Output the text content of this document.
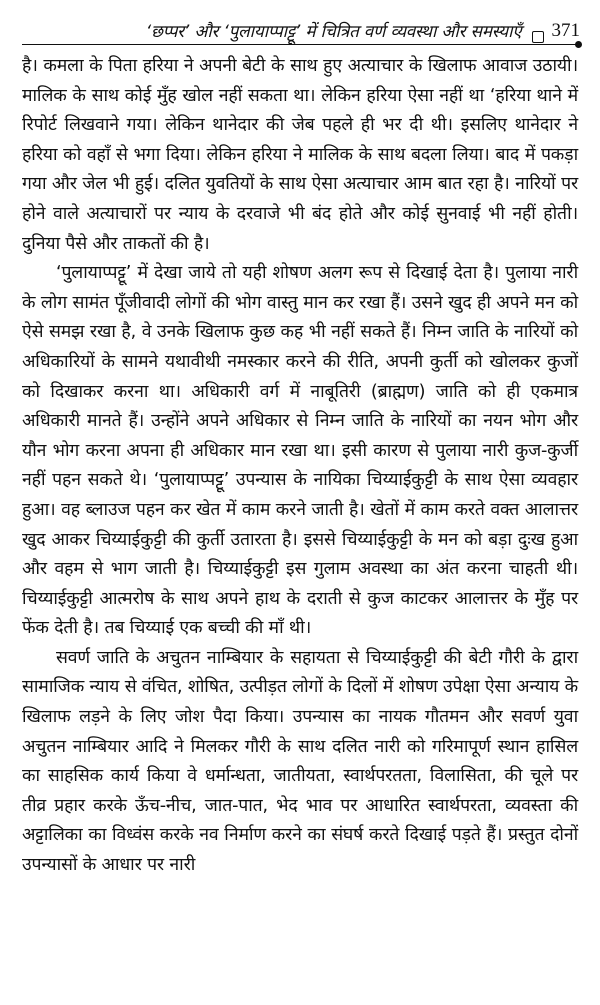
‘छप्पर’ और ‘पुलायाप्पाट्टू’ में चित्रित वर्ण व्यवस्था और समस्याएँ 371

है। कमला के पिता हरिया ने अपनी बेटी के साथ हुए अत्याचार के खिलाफ आवाज उठायी। मालिक के साथ कोई मुँह खोल नहीं सकता था। लेकिन हरिया ऐसा नहीं था ‘हरिया थाने में रिपोर्ट लिखवाने गया। लेकिन थानेदार की जेब पहले ही भर दी थी। इसलिए थानेदार ने हरिया को वहाँ से भगा दिया। लेकिन हरिया ने मालिक के साथ बदला लिया। बाद में पकड़ा गया और जेल भी हुई। दलित युवतियों के साथ ऐसा अत्याचार आम बात रहा है। नारियों पर होने वाले अत्याचारों पर न्याय के दरवाजे भी बंद होते और कोई सुनवाई भी नहीं होती। दुनिया पैसे और ताकतों की है।

‘पुलायाप्पट्टू’ में देखा जाये तो यही शोषण अलग रूप से दिखाई देता है। पुलाया नारी के लोग सामंत पूँजीवादी लोगों की भोग वास्तु मान कर रखा हैं। उसने खुद ही अपने मन को ऐसे समझ रखा है, वे उनके खिलाफ कुछ कह भी नहीं सकते हैं। निम्न जाति के नारियों को अधिकारियों के सामने यथावीथी नमस्कार करने की रीति, अपनी कुर्ती को खोलकर कुजों को दिखाकर करना था। अधिकारी वर्ग में नाबूतिरी (ब्राह्मण) जाति को ही एकमात्र अधिकारी मानते हैं। उन्होंने अपने अधिकार से निम्न जाति के नारियों का नयन भोग और यौन भोग करना अपना ही अधिकार मान रखा था। इसी कारण से पुलाया नारी कुज-कुर्जी नहीं पहन सकते थे। ‘पुलायाप्पट्टू’ उपन्यास के नायिका चिय्याईकुट्टी के साथ ऐसा व्यवहार हुआ। वह ब्लाउज पहन कर खेत में काम करने जाती है। खेतों में काम करते वक्त आलात्तर खुद आकर चिय्याईकुट्टी की कुर्ती उतारता है। इससे चिय्याईकुट्टी के मन को बड़ा दुःख हुआ और वहम से भाग जाती है। चिय्याईकुट्टी इस गुलाम अवस्था का अंत करना चाहती थी। चिय्याईकुट्टी आत्मरोष के साथ अपने हाथ के दराती से कुज काटकर आलात्तर के मुँह पर फेंक देती है। तब चिय्याई एक बच्ची की माँ थी।

सवर्ण जाति के अचुतन नाम्बियार के सहायता से चिय्याईकुट्टी की बेटी गौरी के द्वारा सामाजिक न्याय से वंचित, शोषित, उत्पीड़त लोगों के दिलों में शोषण उपेक्षा ऐसा अन्याय के खिलाफ लड़ने के लिए जोश पैदा किया। उपन्यास का नायक गौतमन और सवर्ण युवा अचुतन नाम्बियार आदि ने मिलकर गौरी के साथ दलित नारी को गरिमापूर्ण स्थान हासिल का साहसिक कार्य किया वे धर्मान्धता, जातीयता, स्वार्थपरतता, विलासिता, की चूले पर तीव्र प्रहार करके ऊँच-नीच, जात-पात, भेद भाव पर आधारित स्वार्थपरता, व्यवस्ता की अट्टालिका का विध्वंस करके नव निर्माण करने का संघर्ष करते दिखाई पड़ते हैं। प्रस्तुत दोनों उपन्यासों के आधार पर नारी
